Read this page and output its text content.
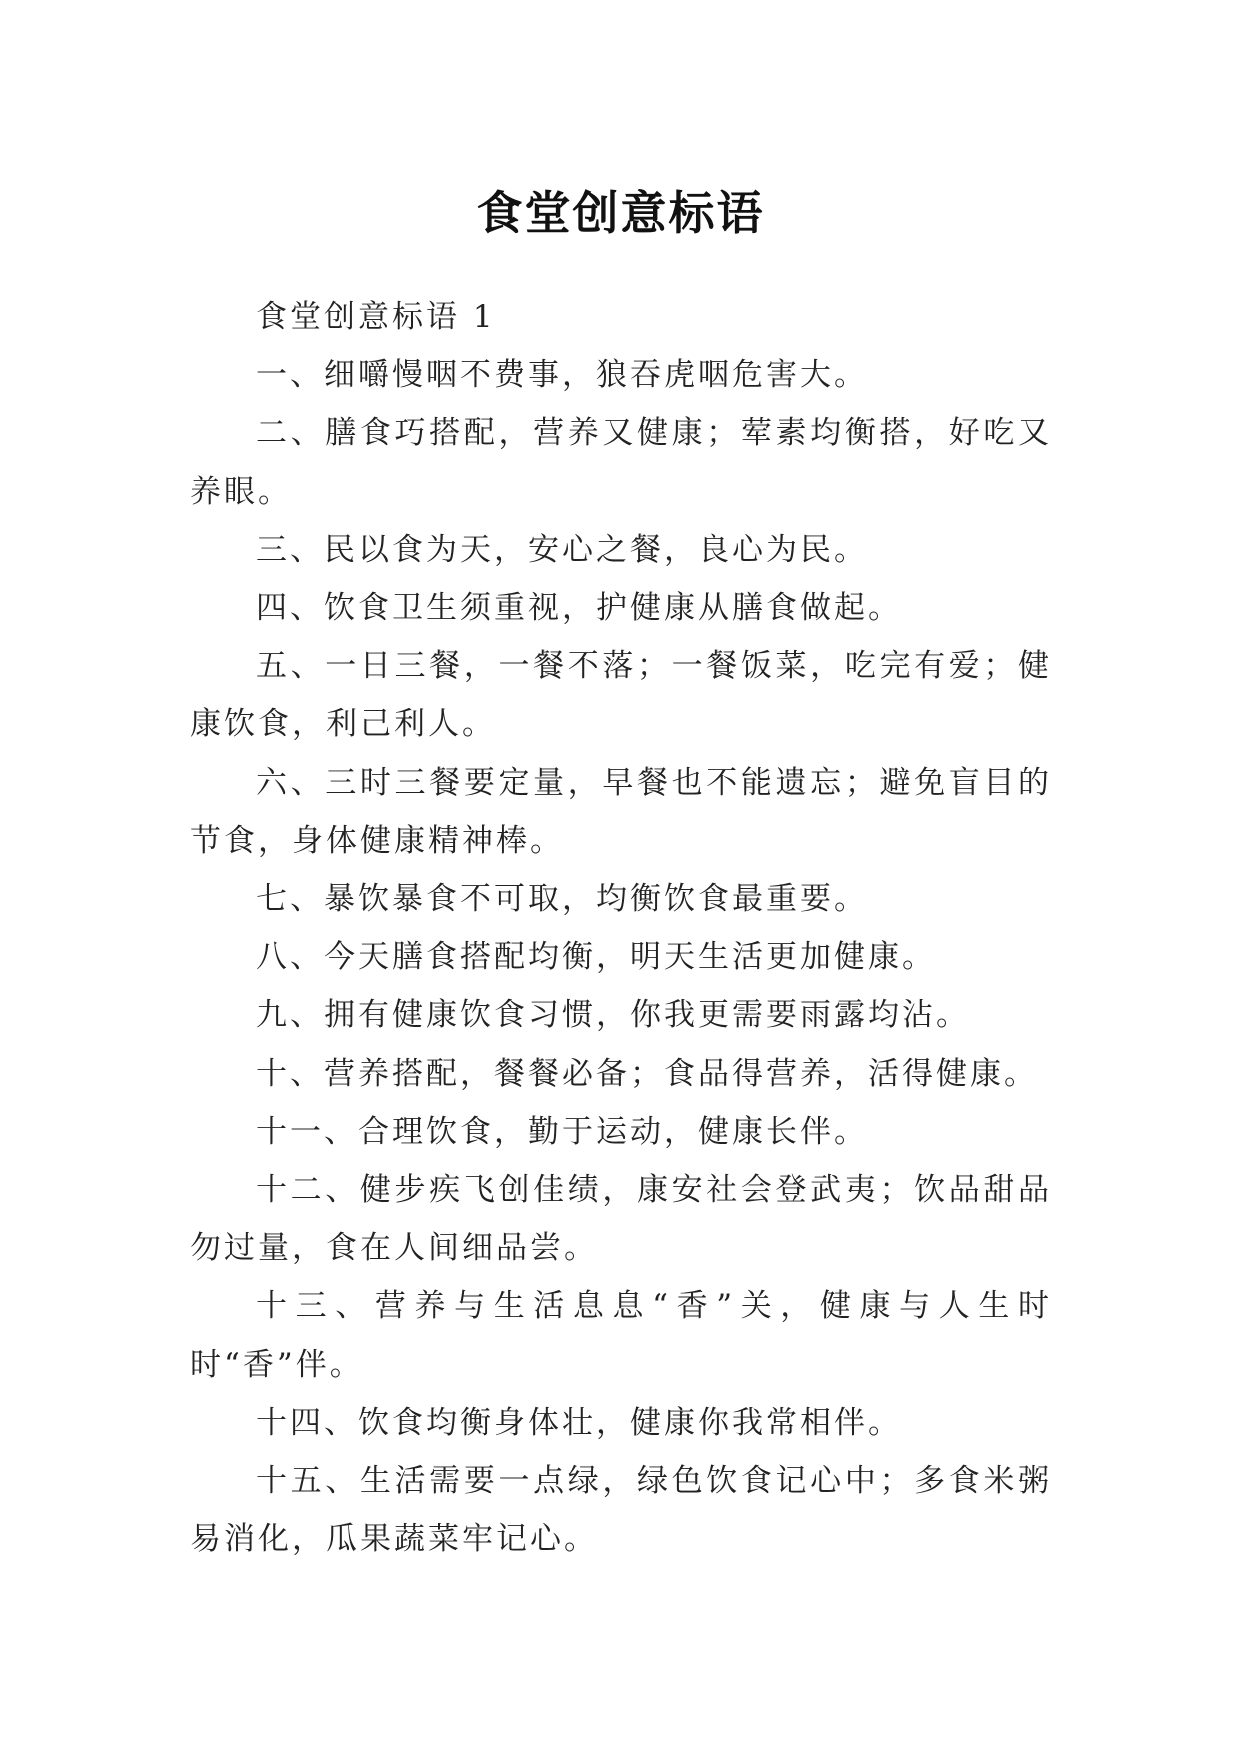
食堂创意标语

食堂创意标语 1

一、细嚼慢咽不费事，狼吞虎咽危害大。

二、膳食巧搭配，营养又健康；荤素均衡搭，好吃又养眼。

三、民以食为天，安心之餐，良心为民。

四、饮食卫生须重视，护健康从膳食做起。

五、一日三餐，一餐不落；一餐饭菜，吃完有爱；健康饮食，利己利人。

六、三时三餐要定量，早餐也不能遗忘；避免盲目的节食，身体健康精神棒。

七、暴饮暴食不可取，均衡饮食最重要。

八、今天膳食搭配均衡，明天生活更加健康。

九、拥有健康饮食习惯，你我更需要雨露均沾。

十、营养搭配，餐餐必备；食品得营养，活得健康。

十一、合理饮食，勤于运动，健康长伴。

十二、健步疾飞创佳绩，康安社会登武夷；饮品甜品勿过量，食在人间细品尝。

十三、营养与生活息息“香”关，健康与人生时时“香”伴。

十四、饮食均衡身体壮，健康你我常相伴。

十五、生活需要一点绿，绿色饮食记心中；多食米粥易消化，瓜果蔬菜牢记心。
